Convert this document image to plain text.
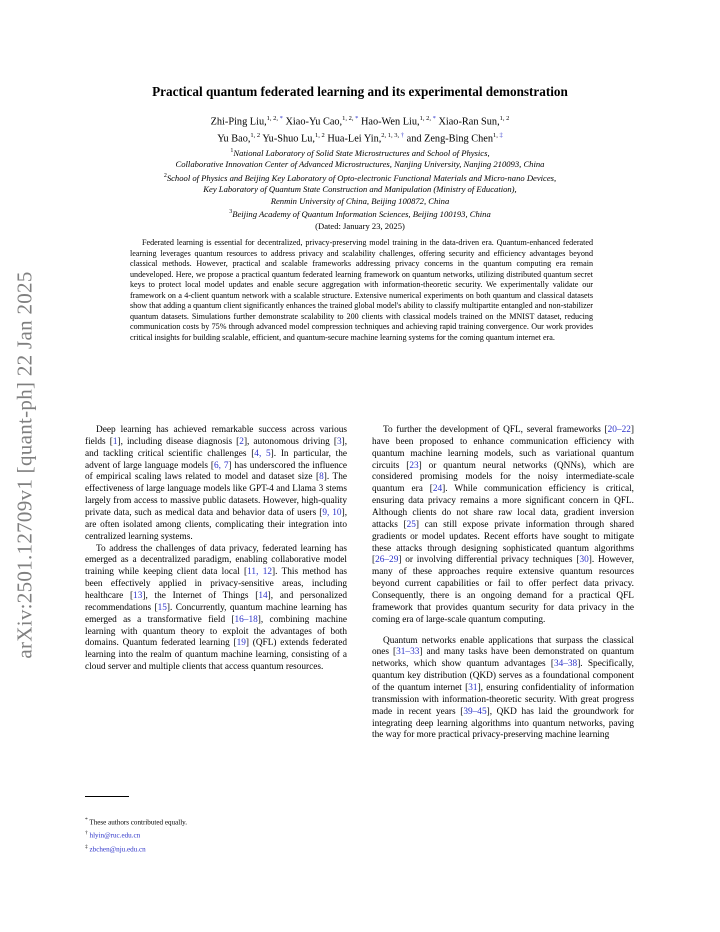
arXiv:2501.12709v1 [quant-ph] 22 Jan 2025
Practical quantum federated learning and its experimental demonstration
Zhi-Ping Liu,$^{1, 2, *}$ Xiao-Yu Cao,$^{1, 2, *}$ Hao-Wen Liu,$^{1, 2, *}$ Xiao-Ran Sun,$^{1, 2}$
Yu Bao,$^{1, 2}$ Yu-Shuo Lu,$^{1, 2}$ Hua-Lei Yin,$^{2, 1, 3, \dagger}$ and Zeng-Bing Chen$^{1, \ddagger}$
$^1$National Laboratory of Solid State Microstructures and School of Physics,
Collaborative Innovation Center of Advanced Microstructures, Nanjing University, Nanjing 210093, China
$^2$School of Physics and Beijing Key Laboratory of Opto-electronic Functional Materials and Micro-nano Devices,
Key Laboratory of Quantum State Construction and Manipulation (Ministry of Education),
Renmin University of China, Beijing 100872, China
$^3$Beijing Academy of Quantum Information Sciences, Beijing 100193, China
(Dated: January 23, 2025)

Federated learning is essential for decentralized, privacy-preserving model training in the data-driven era. Quantum-enhanced federated learning leverages quantum resources to address privacy and scalability challenges, offering security and efficiency advantages beyond classical methods. However, practical and scalable frameworks addressing privacy concerns in the quantum computing era remain undeveloped. Here, we propose a practical quantum federated learning framework on quantum networks, utilizing distributed quantum secret keys to protect local model updates and enable secure aggregation with information-theoretic security. We experimentally validate our framework on a 4-client quantum network with a scalable structure. Extensive numerical experiments on both quantum and classical datasets show that adding a quantum client significantly enhances the trained global model's ability to classify multipartite entangled and non-stabilizer quantum datasets. Simulations further demonstrate scalability to 200 clients with classical models trained on the MNIST dataset, reducing communication costs by 75% through advanced model compression techniques and achieving rapid training convergence. Our work provides critical insights for building scalable, efficient, and quantum-secure machine learning systems for the coming quantum internet era.

Deep learning has achieved remarkable success across various fields [1], including disease diagnosis [2], autonomous driving [3], and tackling critical scientific challenges [4, 5]. In particular, the advent of large language models [6, 7] has underscored the influence of empirical scaling laws related to model and dataset size [8]. The effectiveness of large language models like GPT-4 and Llama 3 stems largely from access to massive public datasets. However, high-quality private data, such as medical data and behavior data of users [9, 10], are often isolated among clients, complicating their integration into centralized learning systems.

To address the challenges of data privacy, federated learning has emerged as a decentralized paradigm, enabling collaborative model training while keeping client data local [11, 12]. This method has been effectively applied in privacy-sensitive areas, including healthcare [13], the Internet of Things [14], and personalized recommendations [15]. Concurrently, quantum machine learning has emerged as a transformative field [16–18], combining machine learning with quantum theory to exploit the advantages of both domains. Quantum federated learning [19] (QFL) extends federated learning into the realm of quantum machine learning, consisting of a cloud server and multiple clients that access quantum resources.

To further the development of QFL, several frameworks [20–22] have been proposed to enhance communication efficiency with quantum machine learning models, such as variational quantum circuits [23] or quantum neural networks (QNNs), which are considered promising models for the noisy intermediate-scale quantum era [24]. While communication efficiency is critical, ensuring data privacy remains a more significant concern in QFL. Although clients do not share raw local data, gradient inversion attacks [25] can still expose private information through shared gradients or model updates. Recent efforts have sought to mitigate these attacks through designing sophisticated quantum algorithms [26–29] or involving differential privacy techniques [30]. However, many of these approaches require extensive quantum resources beyond current capabilities or fail to offer perfect data privacy. Consequently, there is an ongoing demand for a practical QFL framework that provides quantum security for data privacy in the coming era of large-scale quantum computing.

Quantum networks enable applications that surpass the classical ones [31–33] and many tasks have been demonstrated on quantum networks, which show quantum advantages [34–38]. Specifically, quantum key distribution (QKD) serves as a foundational component of the quantum internet [31], ensuring confidentiality of information transmission with information-theoretic security. With great progress made in recent years [39–45], QKD has laid the groundwork for integrating deep learning algorithms into quantum networks, paving the way for more practical privacy-preserving machine learning

* These authors contributed equally.
† hlyin@ruc.edu.cn
‡ zbchen@nju.edu.cn
